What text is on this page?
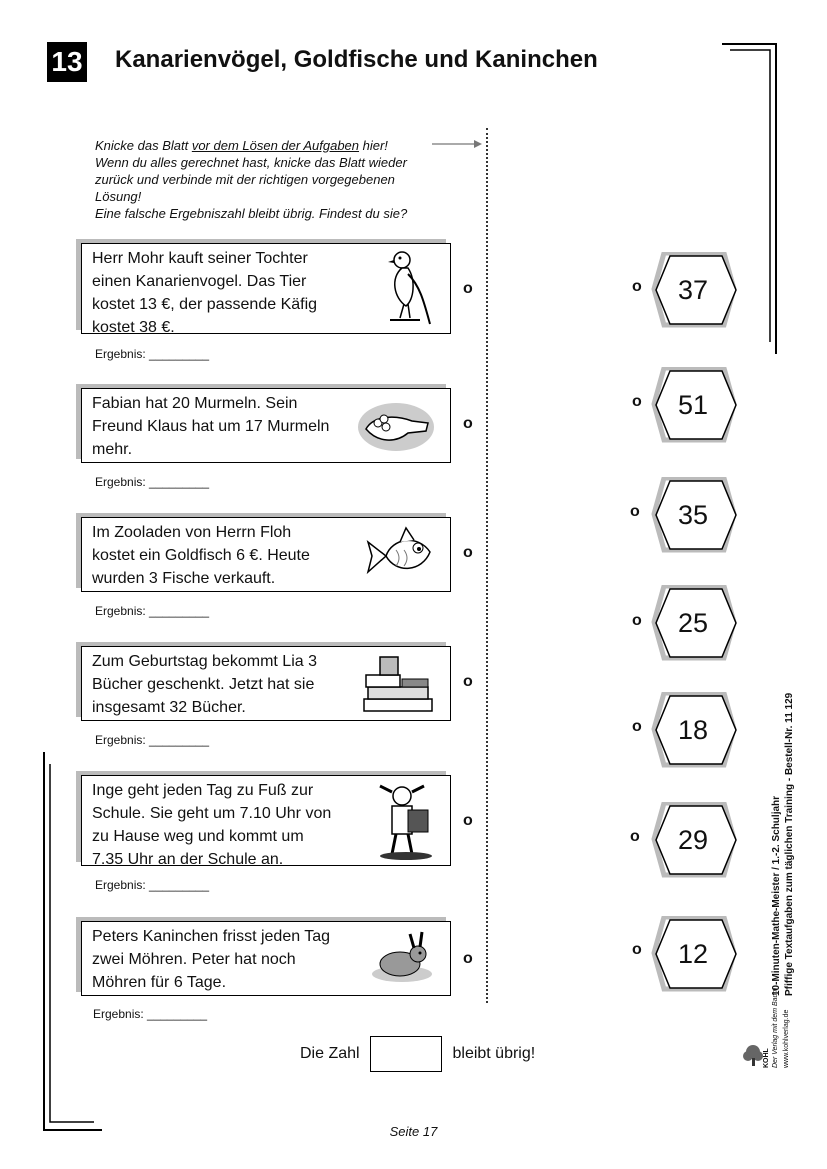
13 Kanarienvögel, Goldfische und Kaninchen

Knicke das Blatt vor dem Lösen der Aufgaben hier!

Wenn du alles gerechnet hast, knicke das Blatt wieder

zurück und verbinde mit der richtigen vorgegebenen

Lösung!

Eine falsche Ergebniszahl bleibt übrig. Findest du sie?

Herr Mohr kauft seiner Tochter einen Kanarienvogel. Das Tier kostet 13 €, der passende Käfig kostet 38 €.
Ergebnis: _________
o
Fabian hat 20 Murmeln. Sein Freund Klaus hat um 17 Murmeln mehr.
Ergebnis: _________
o
Im Zooladen von Herrn Floh kostet ein Goldfisch 6 €. Heute wurden 3 Fische verkauft.
Ergebnis: _________
o
Zum Geburtstag bekommt Lia 3 Bücher geschenkt. Jetzt hat sie insgesamt 32 Bücher.
Ergebnis: _________
o
Inge geht jeden Tag zu Fuß zur Schule. Sie geht um 7.10 Uhr von zu Hause weg und kommt um 7.35 Uhr an der Schule an.
Ergebnis: _________
o
Peters Kaninchen frisst jeden Tag zwei Möhren. Peter hat noch Möhren für 6 Tage.
Ergebnis: _________
o
o	37
o	51
o	35
o	25
o	18
o	29
o	12
Die Zahl	bleibt übrig!
10-Minuten-Mathe-Meister / 1.-2. Schuljahr Pfiffige Textaufgaben zum täglichen Training - Bestell-Nr. 11 129
KOHL Der Verlag mit dem Baum www.kohlverlag.de
Seite 17
